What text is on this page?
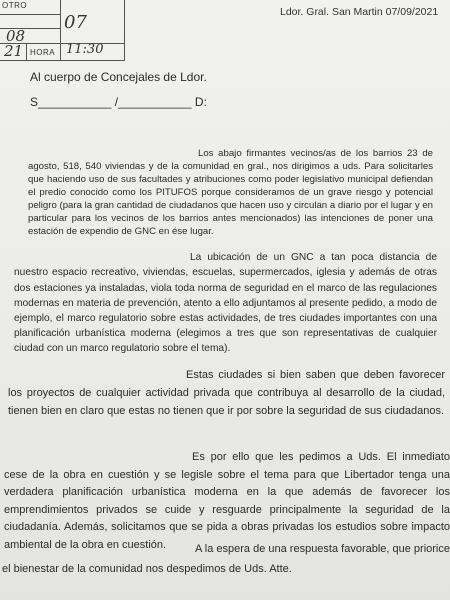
OTRO
HORA
07
08
21	11:30
Ldor. Gral. San Martin 07/09/2021
Al cuerpo de Concejales de Ldor.
S___________ /___________ D:

Los abajo firmantes vecinos/as de los barrios 23 de agosto, 518, 540 viviendas y de la comunidad en gral., nos dirigimos a uds. Para solicitarles que haciendo uso de sus facultades y atribuciones como poder legislativo municipal defiendan el predio conocido como los PITUFOS porque consideramos de un grave riesgo y potencial peligro (para la gran cantidad de ciudadanos que hacen uso y circulan a diario por el lugar y en particular para los vecinos de los barrios antes mencionados) las intenciones de poner una estación de expendio de GNC en ése lugar.

La ubicación de un GNC a tan poca distancia de nuestro espacio recreativo, viviendas, escuelas, supermercados, iglesia y además de otras dos estaciones ya instaladas, viola toda norma de seguridad en el marco de las regulaciones modernas en materia de prevención, atento a ello adjuntamos al presente pedido, a modo de ejemplo, el marco regulatorio sobre estas actividades, de tres ciudades importantes con una planificación urbanística moderna (elegimos a tres que son representativas de cualquier ciudad con un marco regulatorio sobre el tema).

Estas ciudades si bien saben que deben favorecer los proyectos de cualquier actividad privada que contribuya al desarrollo de la ciudad, tienen bien en claro que estas no tienen que ir por sobre la seguridad de sus ciudadanos.

Es por ello que les pedimos a Uds. El inmediato cese de la obra en cuestión y se legisle sobre el tema para que Libertador tenga una verdadera planificación urbanística moderna en la que además de favorecer los emprendimientos privados se cuide y resguarde principalmente la seguridad de la ciudadanía. Además, solicitamos que se pida a obras privadas los estudios sobre impacto ambiental de la obra en cuestión.	A la espera de una respuesta favorable, que priorice el bienestar de la comunidad nos despedimos de Uds. Atte.
